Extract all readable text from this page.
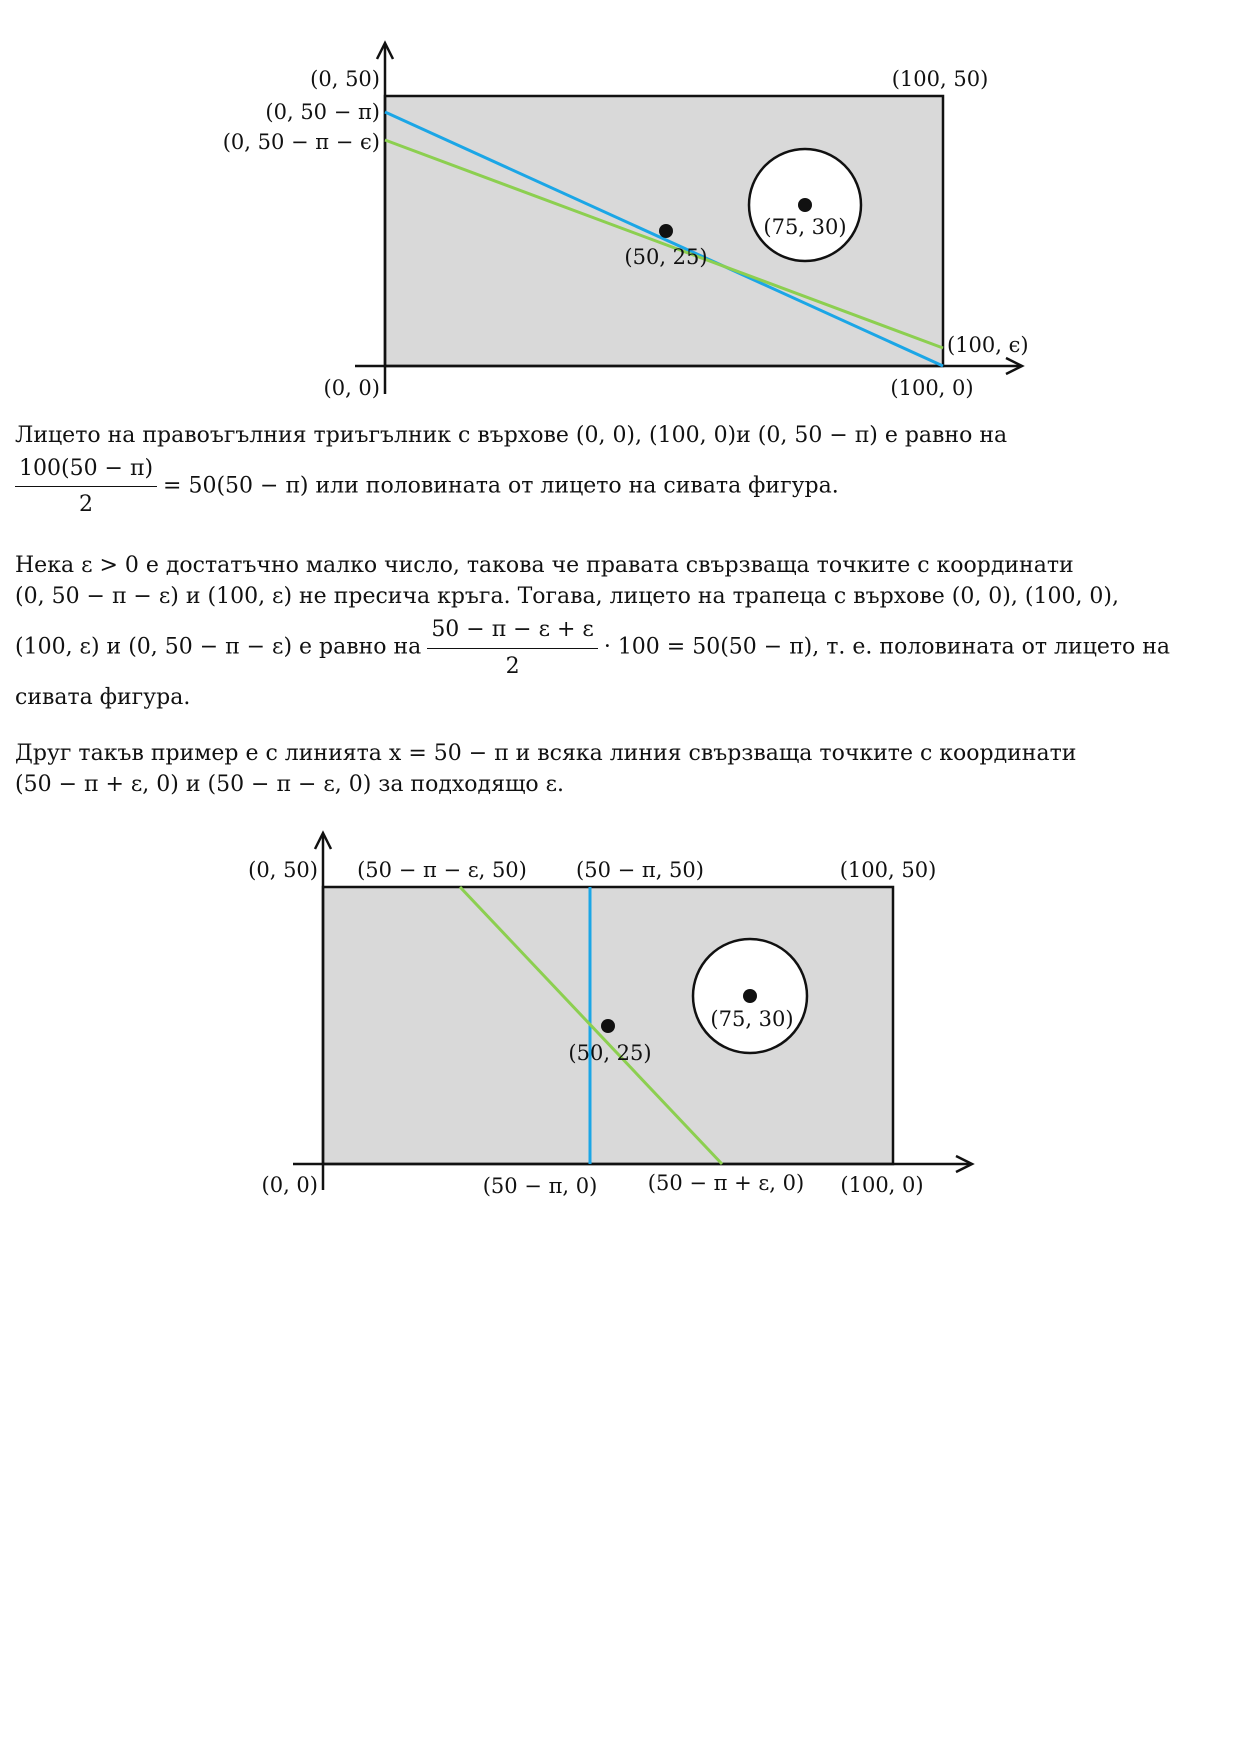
(0, 50)	(100, 50)
(0, 50 − π)
(0, 50 − π − ϵ)
(50, 25)
(75, 30)
(100, ϵ)
(0, 0)	(100, 0)
Лицето на правоъгълния триъгълник с върхове (0, 0), (100, 0)и (0, 50 − π) е равно на
$\frac{100(50 - \pi)}{2} = 50(50 - \pi)$ или половината от лицето на сивата фигура.
Нека ε > 0 е достатъчно малко число, такова че правата свързваща точките с координати
(0, 50 − π − ε) и (100, ε) не пресича кръга. Тогава, лицето на трапеца с върхове (0, 0), (100, 0),
(100, ε) и (0, 50 − π − ε) е равно на $\frac{50 - \pi - \varepsilon + \varepsilon}{2} \cdot 100 = 50(50 - \pi)$, т. е. половината от лицето на
сивата фигура.
Друг такъв пример е с линията x = 50 − π и всяка линия свързваща точките с координати
(50 − π + ε, 0) и (50 − π − ε, 0) за подходящо ε.
(0, 50) (50 − π − ε, 50) (50 − π, 50)	(100, 50)
(50, 25)
(75, 30)
(0, 0)	(50 − π, 0) (50 − π + ε, 0) (100, 0)
